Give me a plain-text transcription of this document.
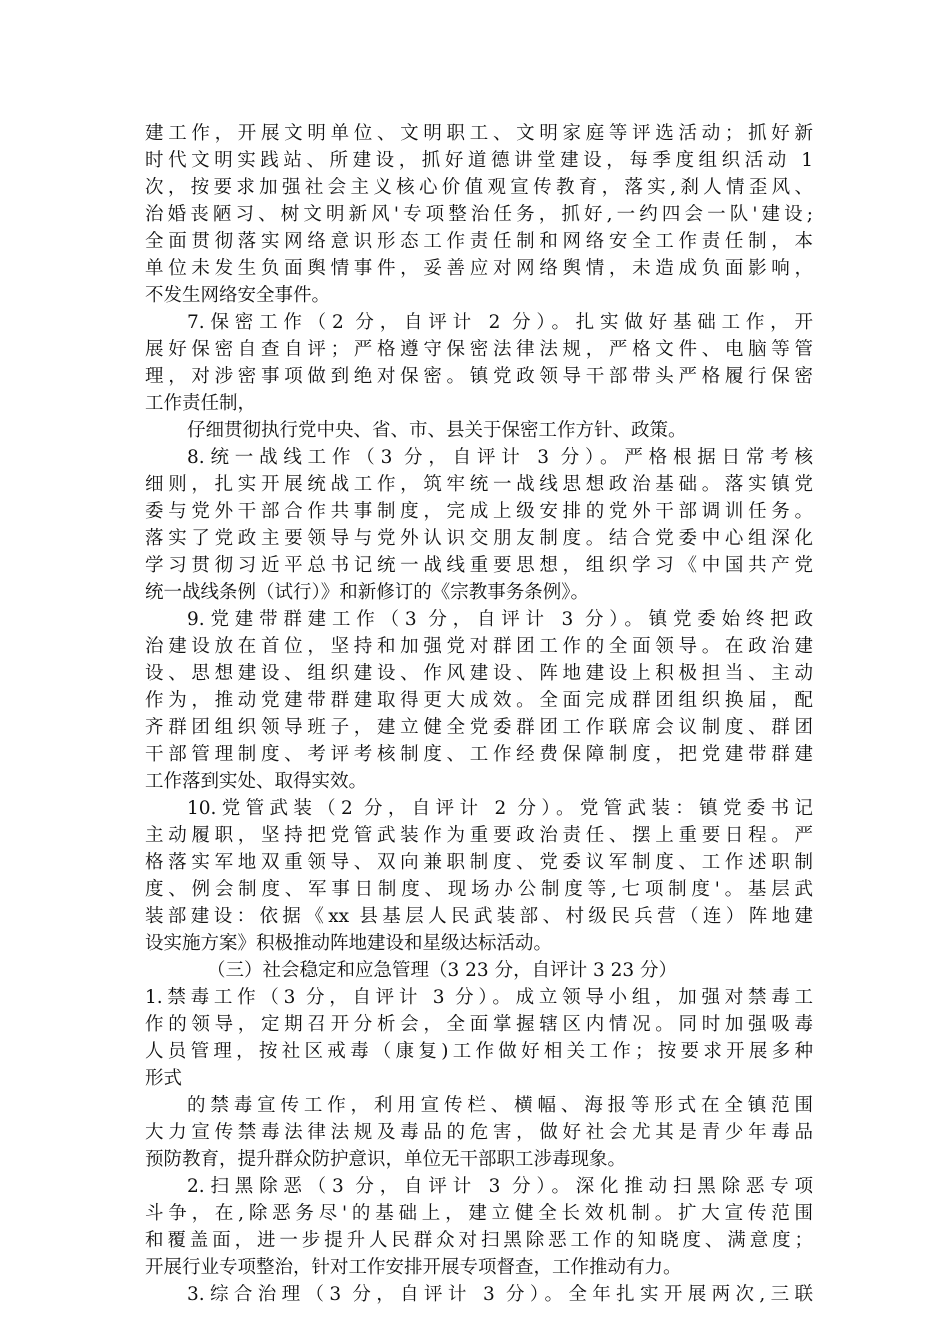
建工作，开展文明单位、文明职工、文明家庭等评选活动；抓好新
时代文明实践站、所建设，抓好道德讲堂建设，每季度组织活动 1
次，按要求加强社会主义核心价值观宣传教育，落实,刹人情歪风、
治婚丧陋习、树文明新风'专项整治任务，抓好,一约四会一队'建设;
全面贯彻落实网络意识形态工作责任制和网络安全工作责任制，本
单位未发生负面舆情事件，妥善应对网络舆情，未造成负面影响，
不发生网络安全事件。
7.保密工作（2 分，自评计 2 分）。扎实做好基础工作，开
展好保密自查自评；严格遵守保密法律法规，严格文件、电脑等管
理，对涉密事项做到绝对保密。镇党政领导干部带头严格履行保密
工作责任制，
仔细贯彻执行党中央、省、市、县关于保密工作方针、政策。
8.统一战线工作（3 分，自评计 3 分）。严格根据日常考核
细则，扎实开展统战工作，筑牢统一战线思想政治基础。落实镇党
委与党外干部合作共事制度，完成上级安排的党外干部调训任务。
落实了党政主要领导与党外认识交朋友制度。结合党委中心组深化
学习贯彻习近平总书记统一战线重要思想，组织学习《中国共产党
统一战线条例（试行）》和新修订的《宗教事务条例》。
9.党建带群建工作（3 分，自评计 3 分）。镇党委始终把政
治建设放在首位，坚持和加强党对群团工作的全面领导。在政治建
设、思想建设、组织建设、作风建设、阵地建设上积极担当、主动
作为，推动党建带群建取得更大成效。全面完成群团组织换届，配
齐群团组织领导班子，建立健全党委群团工作联席会议制度、群团
干部管理制度、考评考核制度、工作经费保障制度，把党建带群建
工作落到实处、取得实效。
10.党管武装（2 分，自评计 2 分）。党管武装：镇党委书记
主动履职，坚持把党管武装作为重要政治责任、摆上重要日程。严
格落实军地双重领导、双向兼职制度、党委议军制度、工作述职制
度、例会制度、军事日制度、现场办公制度等,七项制度'。基层武
装部建设：依据《xx 县基层人民武装部、村级民兵营（连）阵地建
设实施方案》积极推动阵地建设和星级达标活动。
（三）社会稳定和应急管理（3 23 分，自评计 3 23 分）
1.禁毒工作（3 分，自评计 3 分）。成立领导小组，加强对禁毒工
作的领导，定期召开分析会，全面掌握辖区内情况。同时加强吸毒
人员管理，按社区戒毒（康复)工作做好相关工作；按要求开展多种
形式
的禁毒宣传工作，利用宣传栏、横幅、海报等形式在全镇范围
大力宣传禁毒法律法规及毒品的危害，做好社会尤其是青少年毒品
预防教育，提升群众防护意识，单位无干部职工涉毒现象。
2.扫黑除恶（3 分，自评计 3 分）。深化推动扫黑除恶专项
斗争，在,除恶务尽'的基础上，建立健全长效机制。扩大宣传范围
和覆盖面，进一步提升人民群众对扫黑除恶工作的知晓度、满意度；
开展行业专项整治，针对工作安排开展专项督查，工作推动有力。
3.综合治理（3 分，自评计 3 分）。全年扎实开展两次,三联
